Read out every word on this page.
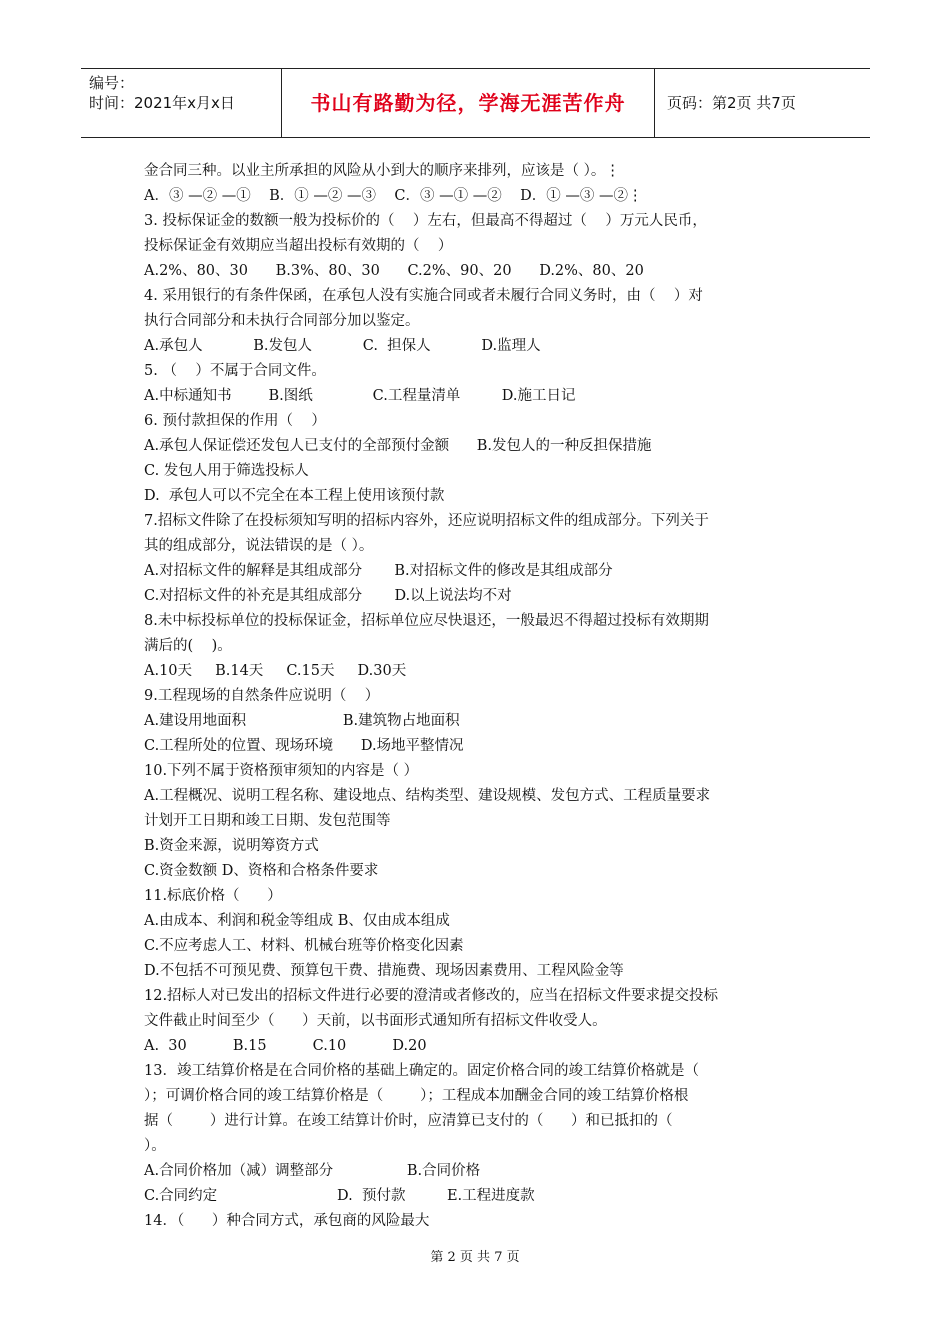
编号：
时间：2021年x月x日	书山有路勤为径，学海无涯苦作舟	页码：第2页 共7页
金合同三种。以业主所承担的风险从小到大的顺序来排列，应该是（ ）。⋮
A．③ —② —①    B．① —② —③    C．③ —① —②    D．① —③ —②⋮
3. 投标保证金的数额一般为投标价的（    ）左右，但最高不得超过（    ）万元人民币，
投标保证金有效期应当超出投标有效期的（    ）
A.2%、80、30      B.3%、80、30      C.2%、90、20      D.2%、80、20
4. 采用银行的有条件保函，在承包人没有实施合同或者未履行合同义务时，由（    ）对
执行合同部分和未执行合同部分加以鉴定。
A.承包人           B.发包人           C.  担保人           D.监理人
5. （    ）不属于合同文件。
A.中标通知书        B.图纸             C.工程量清单         D.施工日记
6. 预付款担保的作用（    ）
A.承包人保证偿还发包人已支付的全部预付金额      B.发包人的一种反担保措施
C. 发包人用于筛选投标人
D.  承包人可以不完全在本工程上使用该预付款
7.招标文件除了在投标须知写明的招标内容外，还应说明招标文件的组成部分。下列关于
其的组成部分，说法错误的是（ ）。
A.对招标文件的解释是其组成部分       B.对招标文件的修改是其组成部分
C.对招标文件的补充是其组成部分       D.以上说法均不对
8.未中标投标单位的投标保证金，招标单位应尽快退还，一般最迟不得超过投标有效期期
满后的(    )。
A.10天     B.14天     C.15天     D.30天
9.工程现场的自然条件应说明（    ）
A.建设用地面积                     B.建筑物占地面积
C.工程所处的位置、现场环境      D.场地平整情况
10.下列不属于资格预审须知的内容是（ ）
A.工程概况、说明工程名称、建设地点、结构类型、建设规模、发包方式、工程质量要求
计划开工日期和竣工日期、发包范围等
B.资金来源，说明筹资方式
C.资金数额 D、资格和合格条件要求
11.标底价格（      ）
A.由成本、利润和税金等组成 B、仅由成本组成
C.不应考虑人工、材料、机械台班等价格变化因素
D.不包括不可预见费、预算包干费、措施费、现场因素费用、工程风险金等
12.招标人对已发出的招标文件进行必要的澄清或者修改的，应当在招标文件要求提交投标
文件截止时间至少（      ）天前，以书面形式通知所有招标文件收受人。
A.  30          B.15          C.10          D.20
13．竣工结算价格是在合同价格的基础上确定的。固定价格合同的竣工结算价格就是（
）；可调价格合同的竣工结算价格是（        ）；工程成本加酬金合同的竣工结算价格根
据（        ）进行计算。在竣工结算计价时，应清算已支付的（      ）和已抵扣的（
）。
A.合同价格加（减）调整部分                B.合同价格
C.合同约定                          D.  预付款         E.工程进度款
14．（      ）种合同方式，承包商的风险最大
第 2 页 共 7 页
